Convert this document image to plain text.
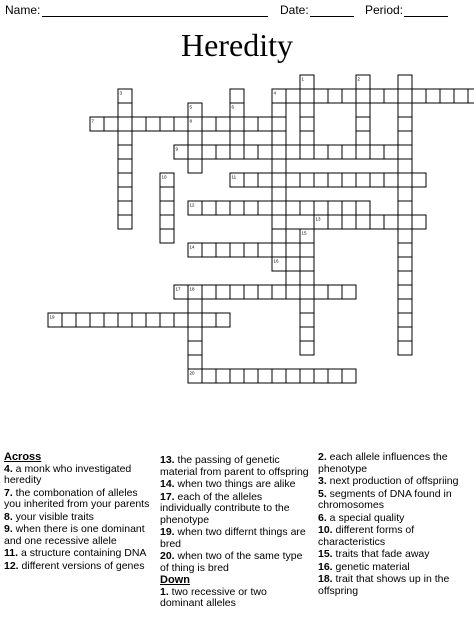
Name:	Date:	Period:
Heredity
1	2
3	4
5	6
7	8
9
10	11
12
13
14
15
16
17 18
19
20
Across
4. a monk who investigated heredity
7. the combonation of alleles you inherited from your parents
8. your visible traits
9. when there is one dominant and one recessive allele
11. a structure containing DNA
12. different versions of genes
13. the passing of genetic material from parent to offspring
14. when two things are alike
17. each of the alleles individually contribute to the phenotype
19. when two differnt things are bred
20. when two of the same type of thing is bred
Down
1. two recessive or two dominant alleles
2. each allele influences the phenotype
3. next production of offspriing
5. segments of DNA found in chromosomes
6. a special quality
10. different forms of characteristics
15. traits that fade away
16. genetic material
18. trait that shows up in the offspring
